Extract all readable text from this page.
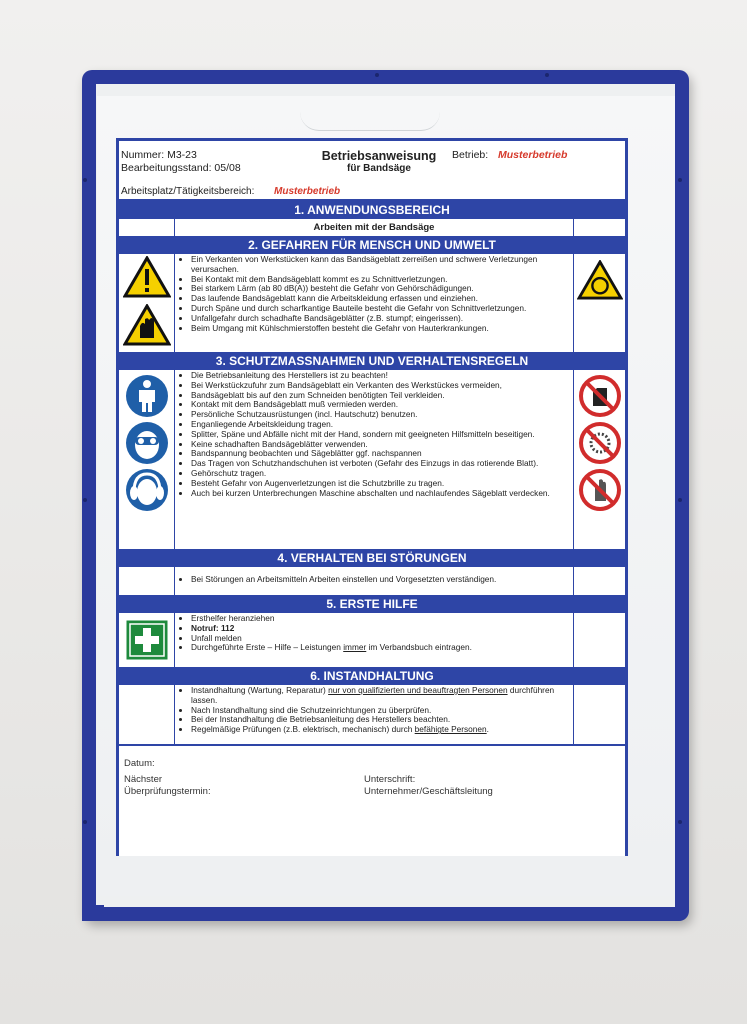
Nummer: M3-23
Bearbeitungsstand: 05/08
Betriebsanweisung
für Bandsäge
Betrieb: Musterbetrieb
Arbeitsplatz/Tätigkeitsbereich: Musterbetrieb
1. ANWENDUNGSBEREICH
Arbeiten mit der Bandsäge
2. GEFAHREN FÜR MENSCH UND UMWELT
• Ein Verkanten von Werkstücken kann das Bandsägeblatt zerreißen und schwere Verletzungen verursachen.
• Bei Kontakt mit dem Bandsägeblatt kommt es zu Schnittverletzungen.
• Bei starkem Lärm (ab 80 dB(A)) besteht die Gefahr von Gehörschädigungen.
• Das laufende Bandsägeblatt kann die Arbeitskleidung erfassen und einziehen.
• Durch Späne und durch scharfkantige Bauteile besteht die Gefahr von Schnittverletzungen.
• Unfallgefahr durch schadhafte Bandsägeblätter (z.B. stumpf; eingerissen).
• Beim Umgang mit Kühlschmierstoffen besteht die Gefahr von Hauterkrankungen.
3. SCHUTZMASSNAHMEN UND VERHALTENSREGELN
• Die Betriebsanleitung des Herstellers ist zu beachten!
• Bei Werkstückzufuhr zum Bandsägeblatt ein Verkanten des Werkstückes vermeiden,
• Bandsägeblatt bis auf den zum Schneiden benötigten Teil verkleiden.
• Kontakt mit dem Bandsägeblatt muß vermieden werden.
• Persönliche Schutzausrüstungen (incl. Hautschutz) benutzen.
• Enganliegende Arbeitskleidung tragen.
• Splitter, Späne und Abfälle nicht mit der Hand, sondern mit geeigneten Hilfsmitteln beseitigen.
• Keine schadhaften Bandsägeblätter verwenden.
• Bandspannung beobachten und Sägeblätter ggf. nachspannen
• Das Tragen von Schutzhandschuhen ist verboten (Gefahr des Einzugs in das rotierende Blatt).
• Gehörschutz tragen.
• Besteht Gefahr von Augenverletzungen ist die Schutzbrille zu tragen.
• Auch bei kurzen Unterbrechungen Maschine abschalten und nachlaufendes Sägeblatt verdecken.
4. VERHALTEN BEI STÖRUNGEN
• Bei Störungen an Arbeitsmitteln Arbeiten einstellen und Vorgesetzten verständigen.
5. ERSTE HILFE
• Ersthelfer heranziehen
• Notruf: 112
• Unfall melden
• Durchgeführte Erste – Hilfe – Leistungen immer im Verbandsbuch eintragen.
6. INSTANDHALTUNG
• Instandhaltung (Wartung, Reparatur) nur von qualifizierten und beauftragten Personen durchführen lassen.
• Nach Instandhaltung sind die Schutzeinrichtungen zu überprüfen.
• Bei der Instandhaltung die Betriebsanleitung des Herstellers beachten.
• Regelmäßige Prüfungen (z.B. elektrisch, mechanisch) durch befähigte Personen.
Datum:
Nächster
Überprüfungstermin:
Unterschrift:
Unternehmer/Geschäftsleitung
